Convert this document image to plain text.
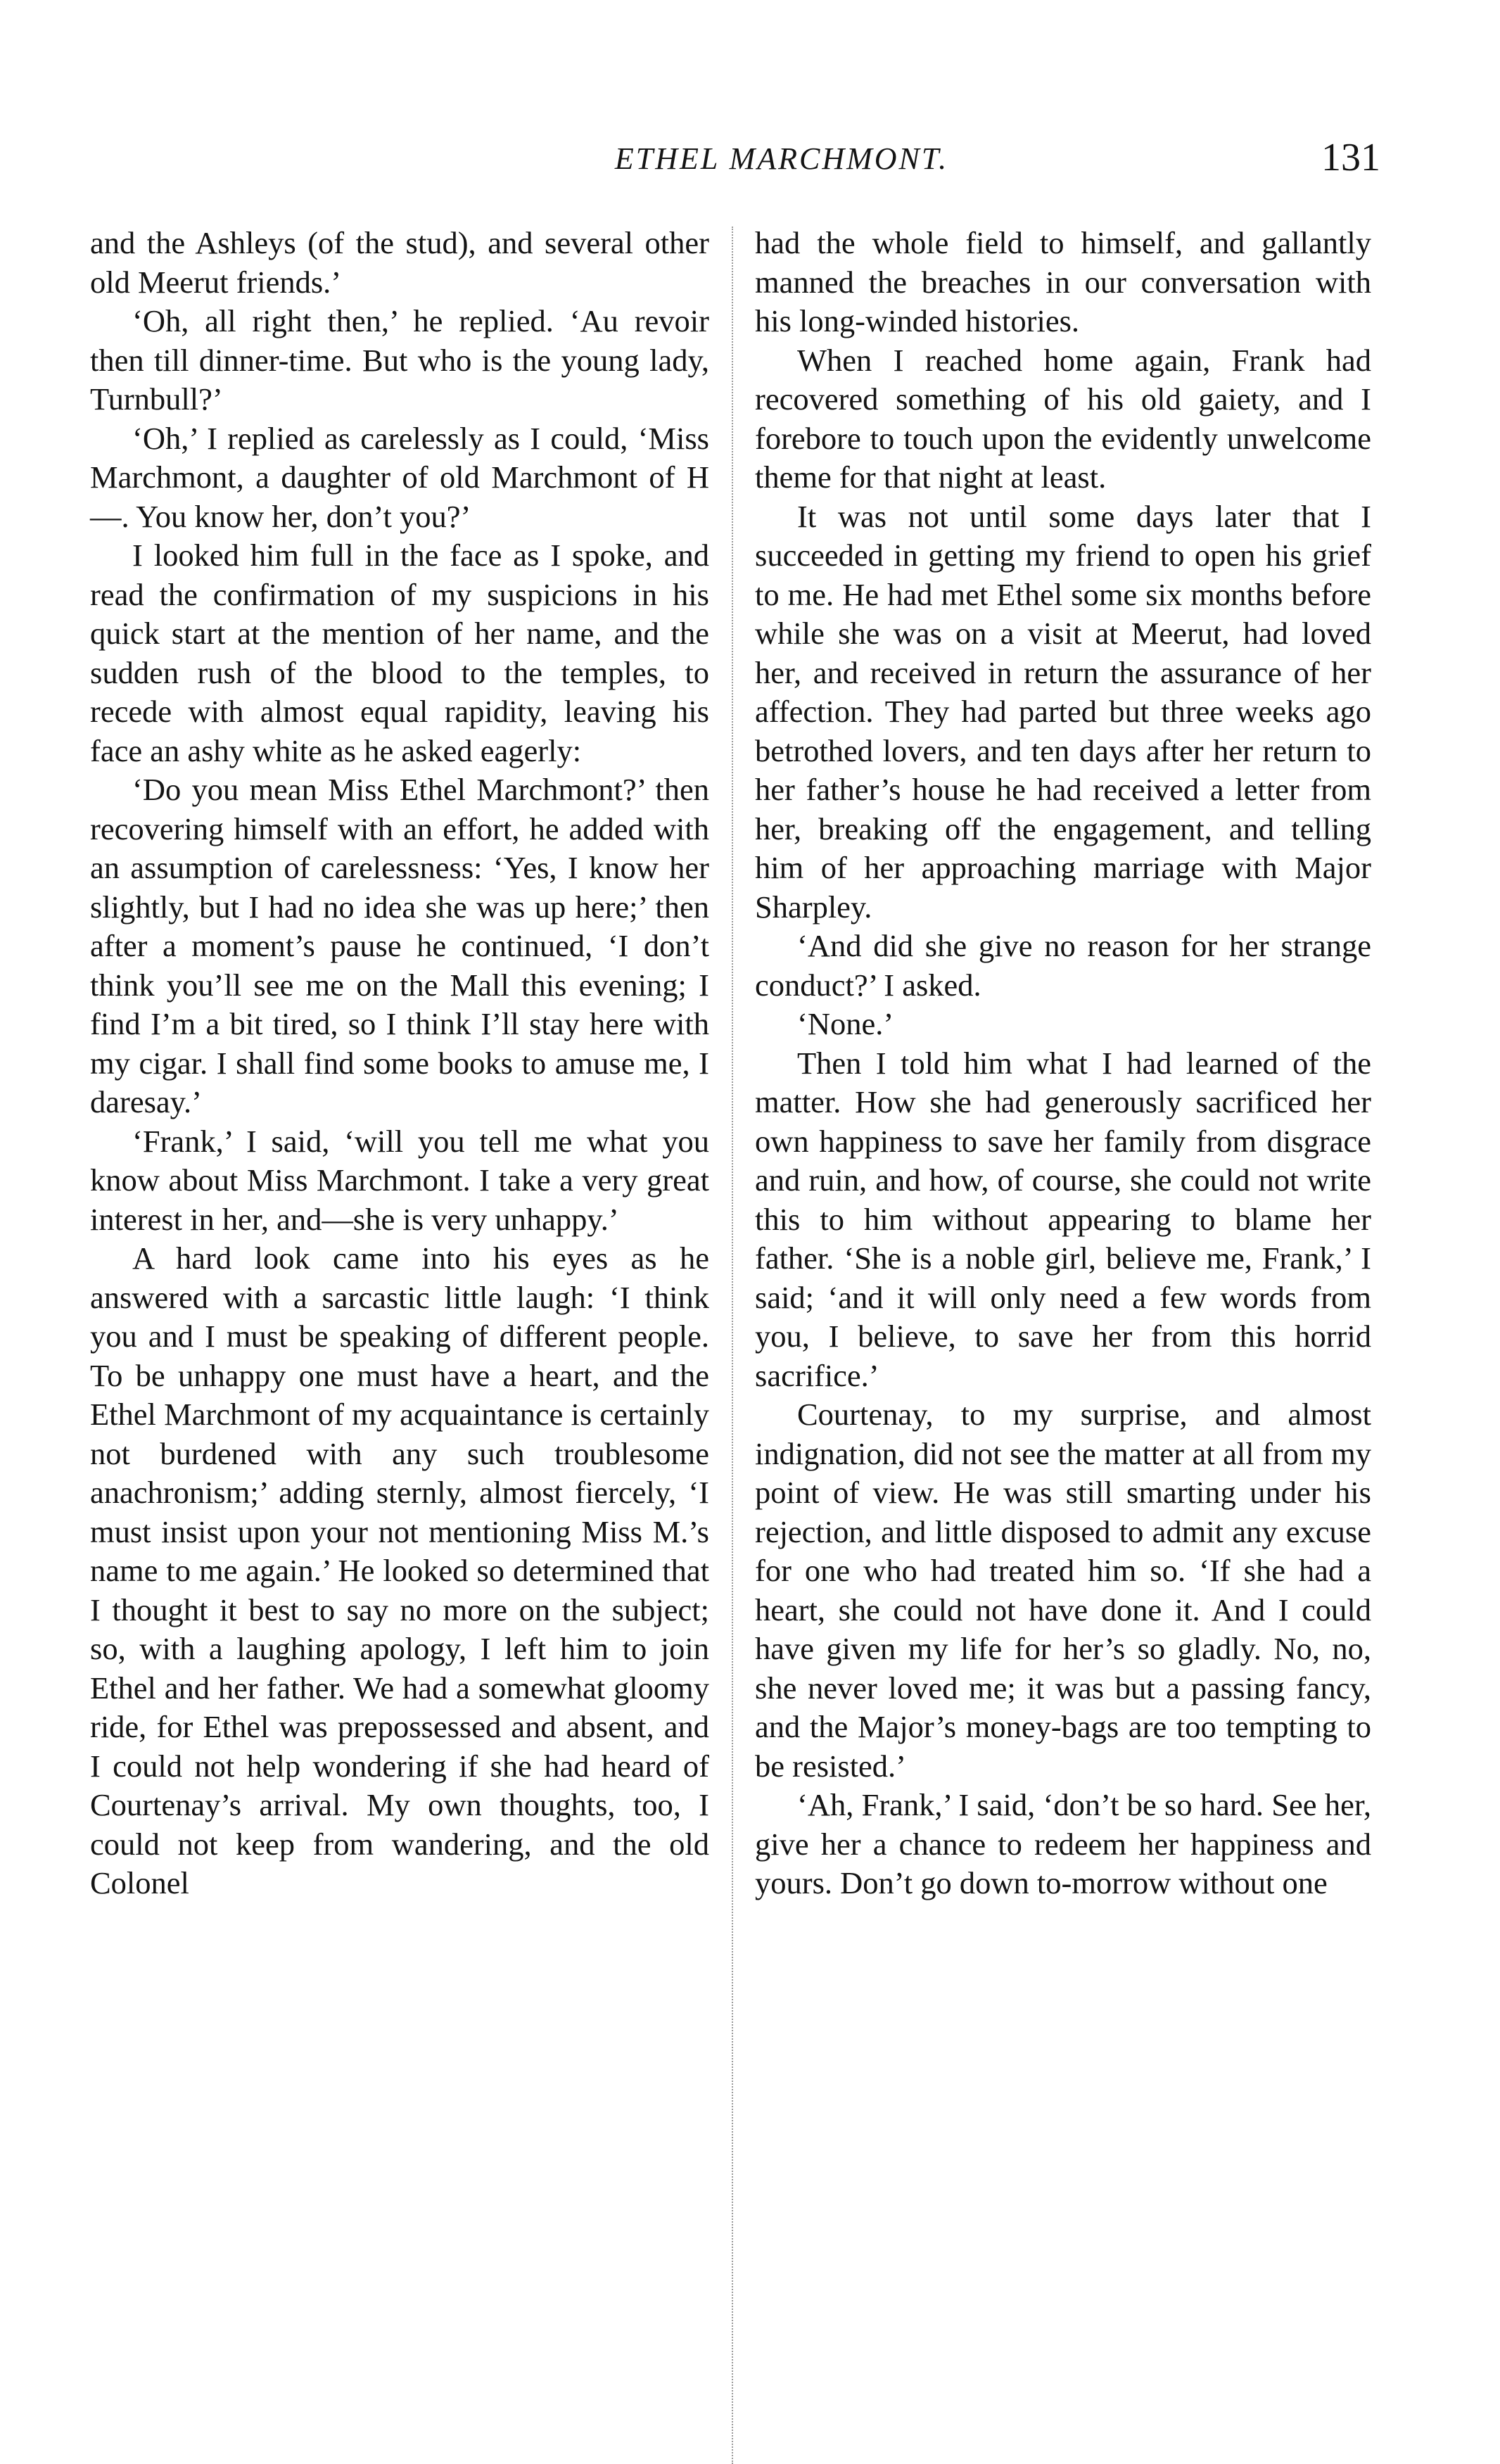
ETHEL MARCHMONT.	131

and the Ashleys (of the stud), and several other old Meerut friends.’

‘Oh, all right then,’ he replied. ‘Au revoir then till dinner-time. But who is the young lady, Turnbull?’

‘Oh,’ I replied as carelessly as I could, ‘Miss Marchmont, a daughter of old Marchmont of H—. You know her, don’t you?’

I looked him full in the face as I spoke, and read the confirmation of my suspicions in his quick start at the mention of her name, and the sudden rush of the blood to the temples, to recede with almost equal rapidity, leaving his face an ashy white as he asked eagerly:

‘Do you mean Miss Ethel Marchmont?’ then recovering himself with an effort, he added with an assumption of carelessness: ‘Yes, I know her slightly, but I had no idea she was up here;’ then after a moment’s pause he continued, ‘I don’t think you’ll see me on the Mall this evening; I find I’m a bit tired, so I think I’ll stay here with my cigar. I shall find some books to amuse me, I daresay.’

‘Frank,’ I said, ‘will you tell me what you know about Miss Marchmont. I take a very great interest in her, and—she is very unhappy.’

A hard look came into his eyes as he answered with a sarcastic little laugh: ‘I think you and I must be speaking of different people. To be unhappy one must have a heart, and the Ethel Marchmont of my acquaintance is certainly not burdened with any such troublesome anachronism;’ adding sternly, almost fiercely, ‘I must insist upon your not mentioning Miss M.’s name to me again.’ He looked so determined that I thought it best to say no more on the subject; so, with a laughing apology, I left him to join Ethel and her father. We had a somewhat gloomy ride, for Ethel was prepossessed and absent, and I could not help wondering if she had heard of Courtenay’s arrival. My own thoughts, too, I could not keep from wandering, and the old Colonel

had the whole field to himself, and gallantly manned the breaches in our conversation with his long-winded histories.

When I reached home again, Frank had recovered something of his old gaiety, and I forebore to touch upon the evidently unwelcome theme for that night at least.

It was not until some days later that I succeeded in getting my friend to open his grief to me. He had met Ethel some six months before while she was on a visit at Meerut, had loved her, and received in return the assurance of her affection. They had parted but three weeks ago betrothed lovers, and ten days after her return to her father’s house he had received a letter from her, breaking off the engagement, and telling him of her approaching marriage with Major Sharpley.

‘And did she give no reason for her strange conduct?’ I asked.

‘None.’

Then I told him what I had learned of the matter. How she had generously sacrificed her own happiness to save her family from disgrace and ruin, and how, of course, she could not write this to him without appearing to blame her father. ‘She is a noble girl, believe me, Frank,’ I said; ‘and it will only need a few words from you, I believe, to save her from this horrid sacrifice.’

Courtenay, to my surprise, and almost indignation, did not see the matter at all from my point of view. He was still smarting under his rejection, and little disposed to admit any excuse for one who had treated him so. ‘If she had a heart, she could not have done it. And I could have given my life for her’s so gladly. No, no, she never loved me; it was but a passing fancy, and the Major’s money-bags are too tempting to be resisted.’

‘Ah, Frank,’ I said, ‘don’t be so hard. See her, give her a chance to redeem her happiness and yours. Don’t go down to-morrow without one
